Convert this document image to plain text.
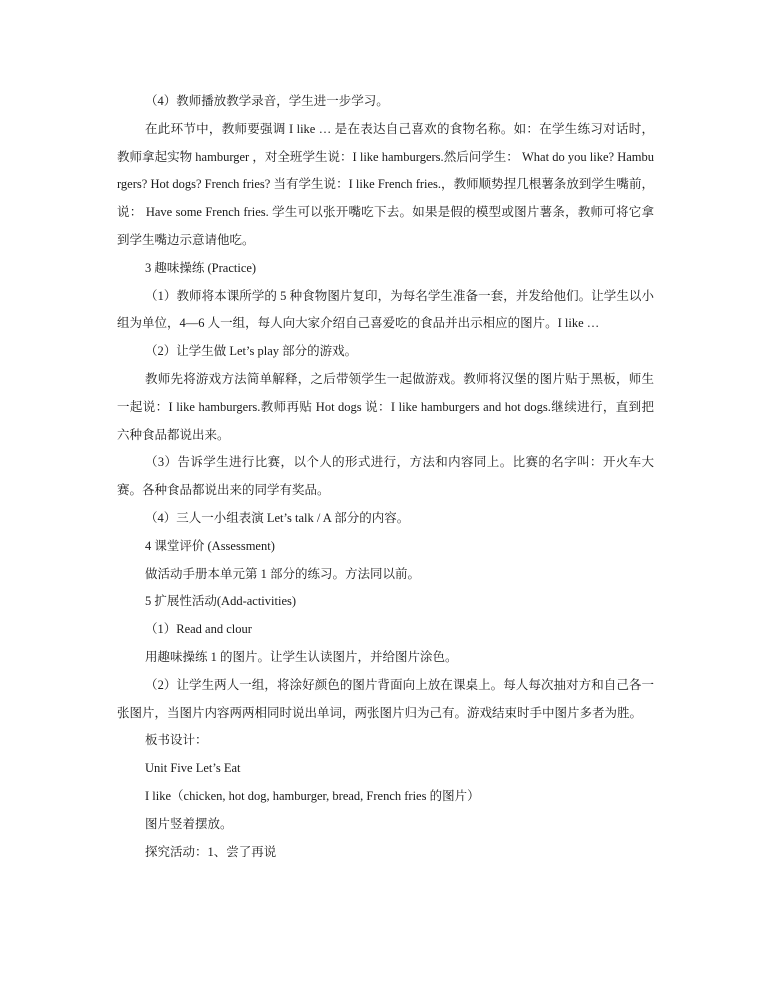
（4）教师播放教学录音，学生进一步学习。

在此环节中，教师要强调 I like … 是在表达自己喜欢的食物名称。如：在学生练习对话时，教师拿起实物 hamburger ，对全班学生说：I like hamburgers.然后问学生： What do you like? Hamburgers? Hot dogs? French fries? 当有学生说：I like French fries.，教师顺势捏几根薯条放到学生嘴前，说： Have some French fries. 学生可以张开嘴吃下去。如果是假的模型或图片薯条，教师可将它拿到学生嘴边示意请他吃。

3 趣味操练 (Practice)

（1）教师将本课所学的 5 种食物图片复印，为每名学生准备一套，并发给他们。让学生以小组为单位，4—6 人一组，每人向大家介绍自己喜爱吃的食品并出示相应的图片。I like …

（2）让学生做 Let’s play 部分的游戏。

教师先将游戏方法简单解释，之后带领学生一起做游戏。教师将汉堡的图片贴于黑板，师生一起说：I like hamburgers.教师再贴 Hot dogs 说：I like hamburgers and hot dogs.继续进行，直到把六种食品都说出来。

（3）告诉学生进行比赛，以个人的形式进行，方法和内容同上。比赛的名字叫：开火车大赛。各种食品都说出来的同学有奖品。

（4）三人一小组表演 Let’s talk / A 部分的内容。

4 课堂评价 (Assessment)

做活动手册本单元第 1 部分的练习。方法同以前。

5 扩展性活动(Add-activities)

（1）Read and clour

用趣味操练 1 的图片。让学生认读图片，并给图片涂色。

（2）让学生两人一组，将涂好颜色的图片背面向上放在课桌上。每人每次抽对方和自己各一张图片，当图片内容两两相同时说出单词，两张图片归为己有。游戏结束时手中图片多者为胜。

板书设计：

Unit Five Let’s Eat

I like（chicken, hot dog, hamburger, bread, French fries 的图片）

图片竖着摆放。

探究活动：1、尝了再说
